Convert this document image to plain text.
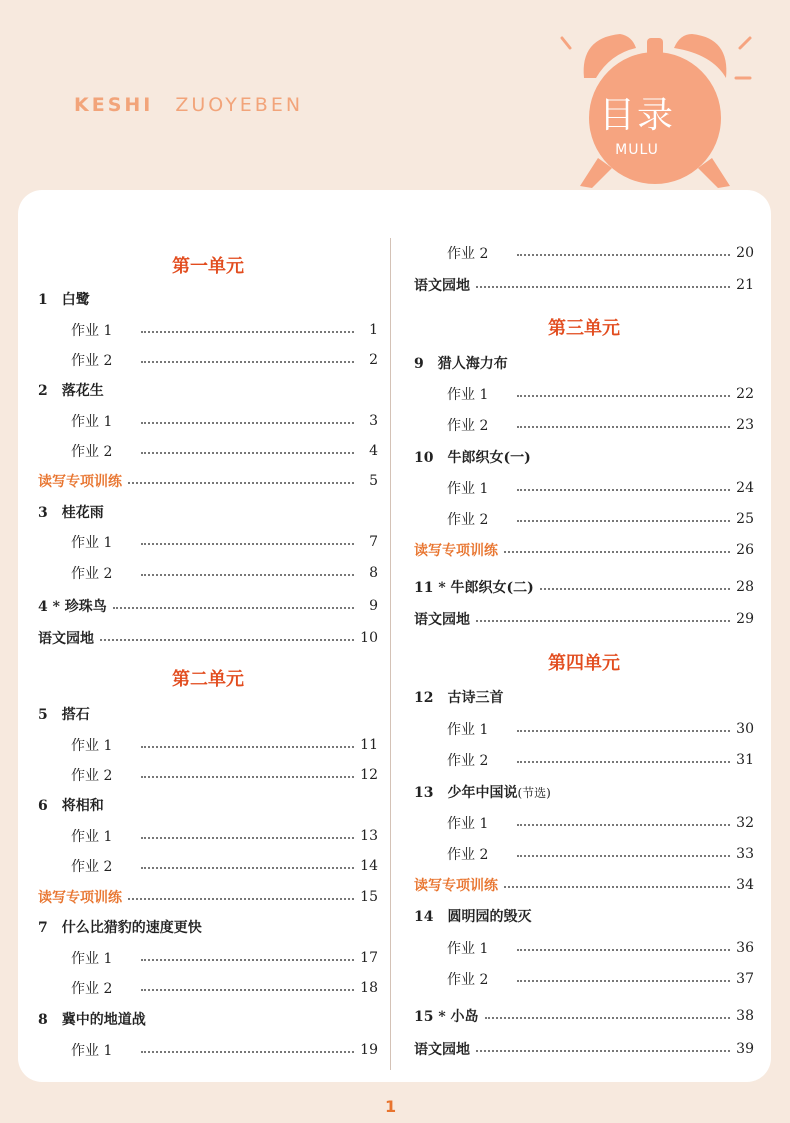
KESHI ZUOYEBEN	目录
MULU
第一单元
1　白鹭
作业 1	1
作业 2	2
2　落花生
作业 1	3
作业 2	4
读写专项训练	5
3　桂花雨
作业 1	7
作业 2	8
4 * 珍珠鸟	9
语文园地	10
第二单元
5　搭石
作业 1	11
作业 2	12
6　将相和
作业 1	13
作业 2	14
读写专项训练	15
7　什么比猎豹的速度更快
作业 1	17
作业 2	18
8　冀中的地道战
作业 1	19
作业 2	20
语文园地	21
第三单元
9　猎人海力布
作业 1	22
作业 2	23
10　牛郎织女(一)
作业 1	24
作业 2	25
读写专项训练	26
11 * 牛郎织女(二)	28
语文园地	29
第四单元
12　古诗三首
作业 1	30
作业 2	31
13　少年中国说 (节选)
作业 1	32
作业 2	33
读写专项训练	34
14　圆明园的毁灭
作业 1	36
作业 2	37
15 * 小岛	38
语文园地	39
1
